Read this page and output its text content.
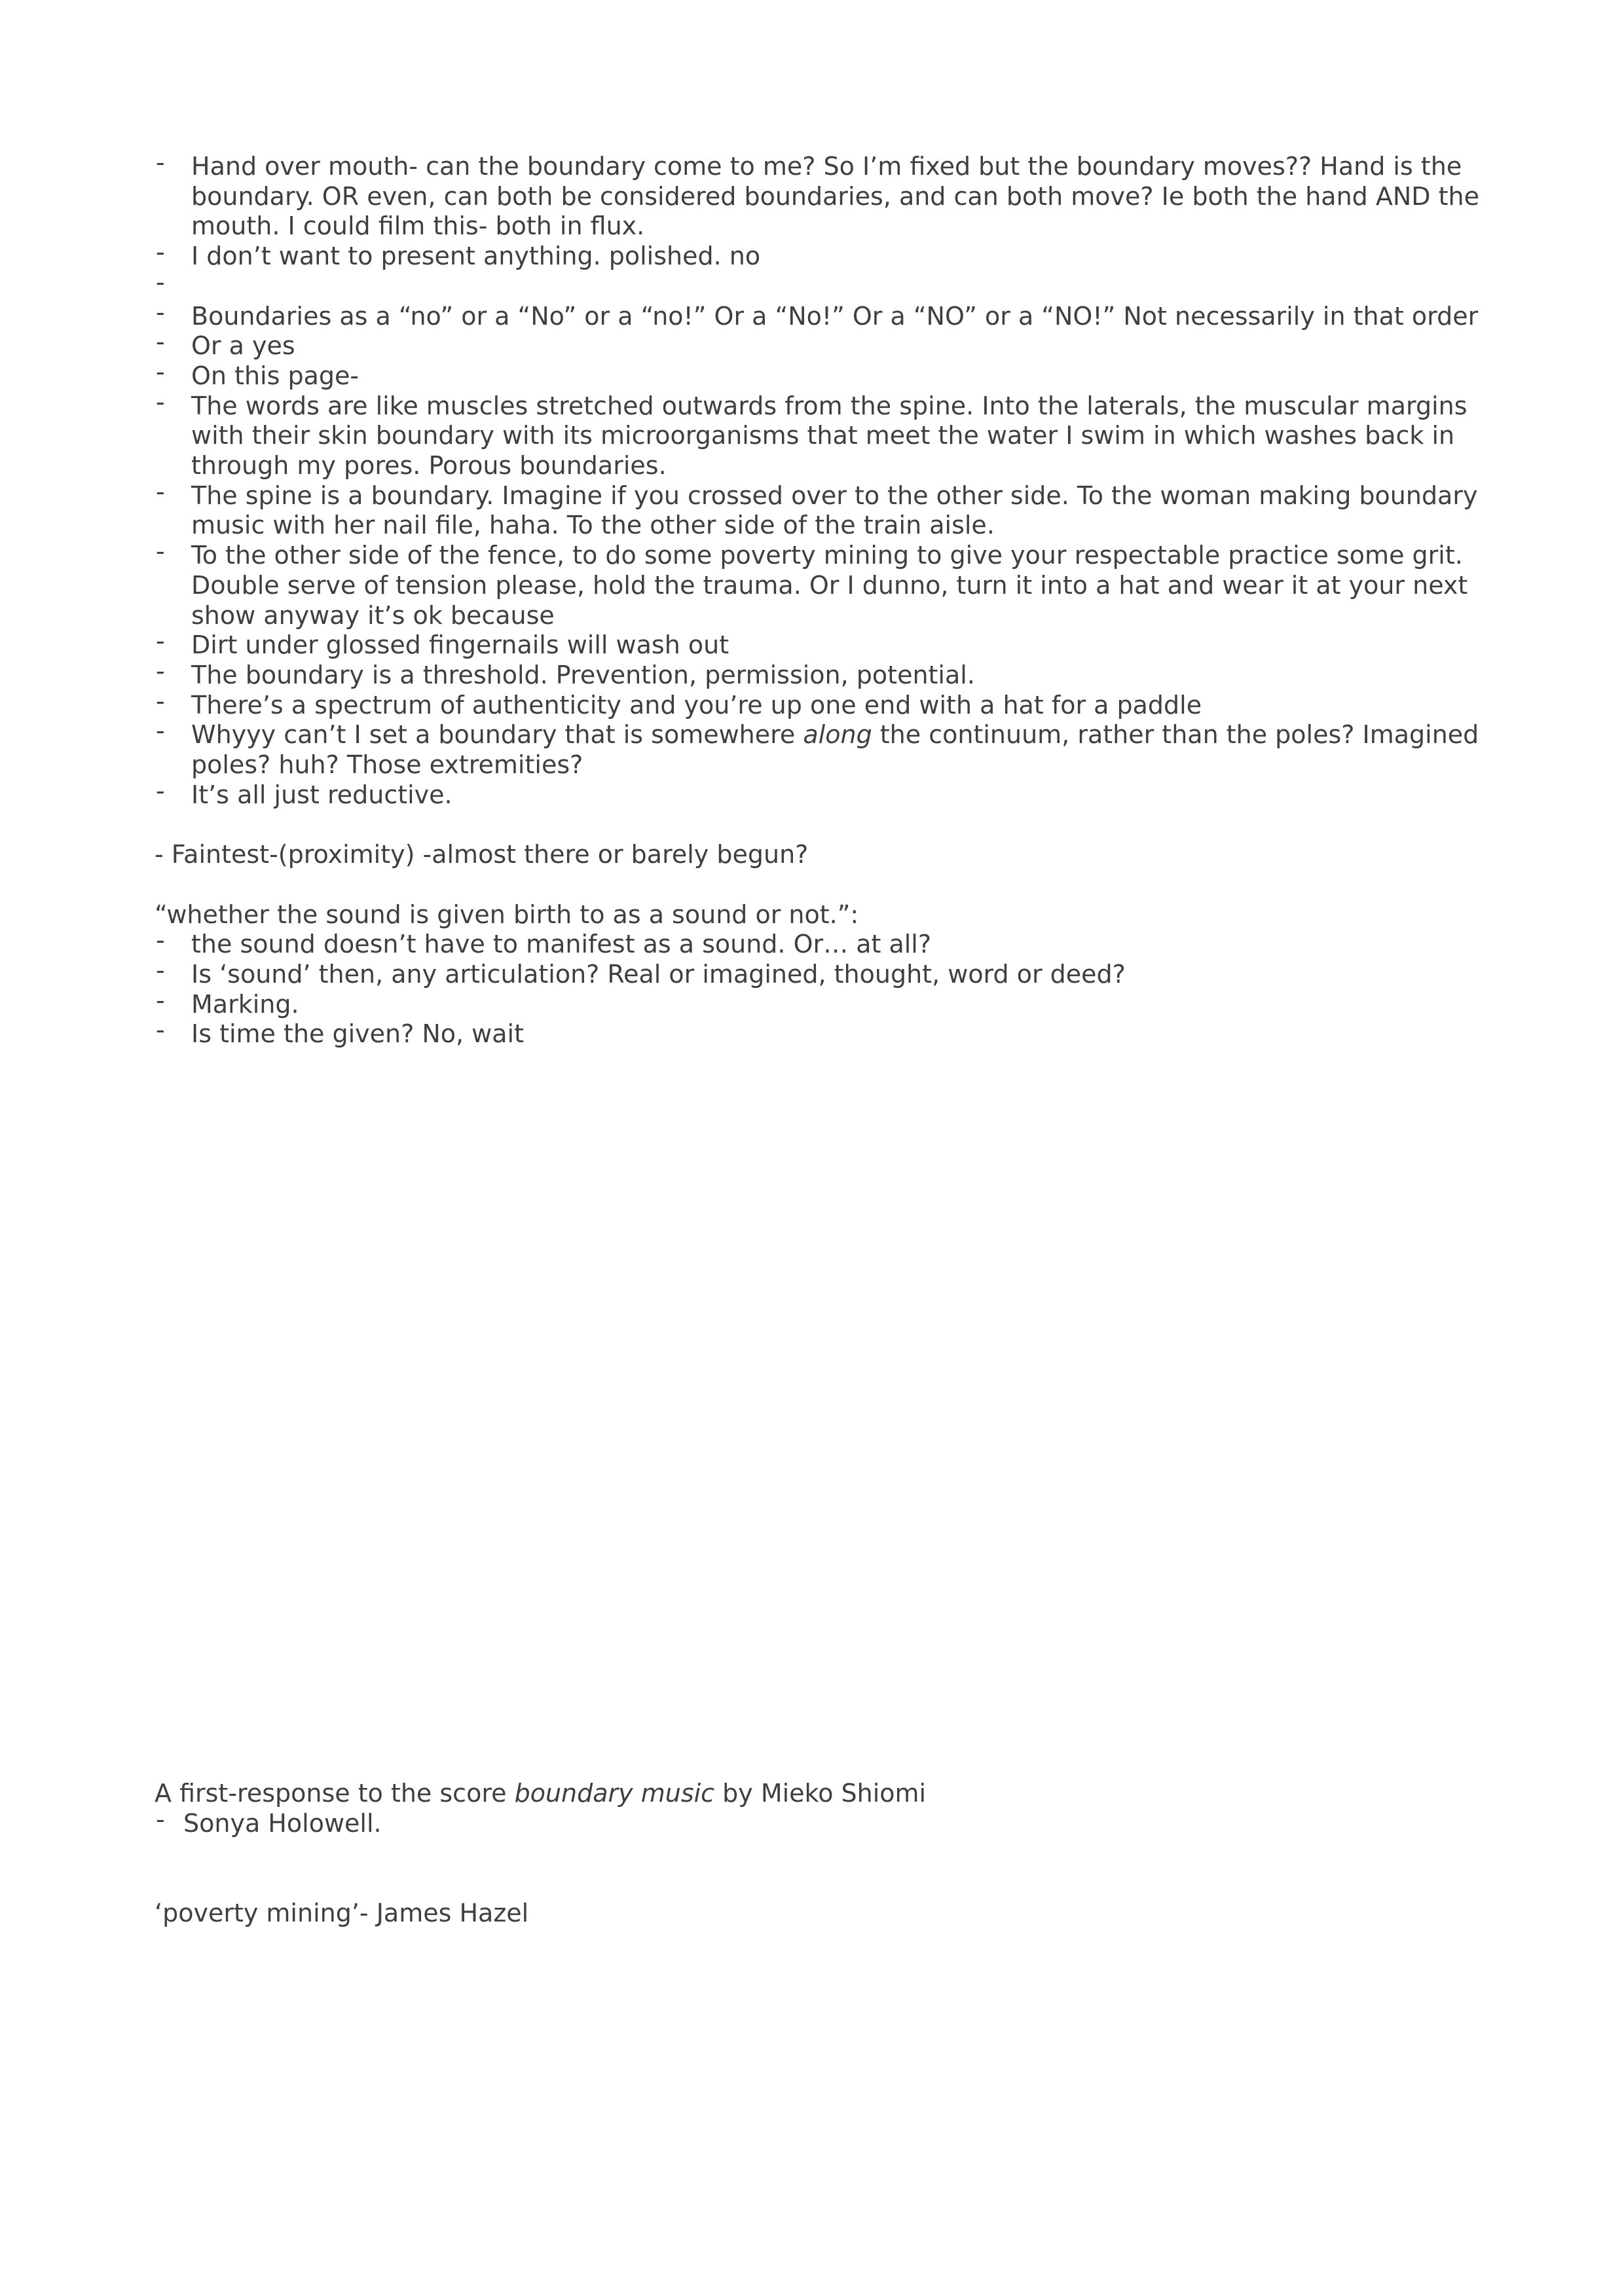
- Hand over mouth- can the boundary come to me? So I’m fixed but the boundary moves?? Hand is the boundary. OR even, can both be considered boundaries, and can both move? Ie both the hand AND the mouth. I could film this- both in flux.
- I don’t want to present anything. polished. no
-
- Boundaries as a “no” or a “No” or a “no!” Or a “No!” Or a “NO” or a “NO!” Not necessarily in that order
- Or a yes
- On this page-
- The words are like muscles stretched outwards from the spine. Into the laterals, the muscular margins with their skin boundary with its microorganisms that meet the water I swim in which washes back in through my pores. Porous boundaries.
- The spine is a boundary. Imagine if you crossed over to the other side. To the woman making boundary music with her nail file, haha. To the other side of the train aisle.
- To the other side of the fence, to do some poverty mining to give your respectable practice some grit. Double serve of tension please, hold the trauma. Or I dunno, turn it into a hat and wear it at your next show anyway it’s ok because
- Dirt under glossed fingernails will wash out
- The boundary is a threshold. Prevention, permission, potential.
- There’s a spectrum of authenticity and you’re up one end with a hat for a paddle
- Whyyy can’t I set a boundary that is somewhere along the continuum, rather than the poles? Imagined poles? huh? Those extremities?
- It’s all just reductive.

- Faintest-(proximity) -almost there or barely begun?

“whether the sound is given birth to as a sound or not.”:

- the sound doesn’t have to manifest as a sound. Or… at all?
- Is ‘sound’ then, any articulation? Real or imagined, thought, word or deed?
- Marking.
- Is time the given? No, wait

A first-response to the score boundary music by Mieko Shiomi

- Sonya Holowell.

‘poverty mining’- James Hazel
